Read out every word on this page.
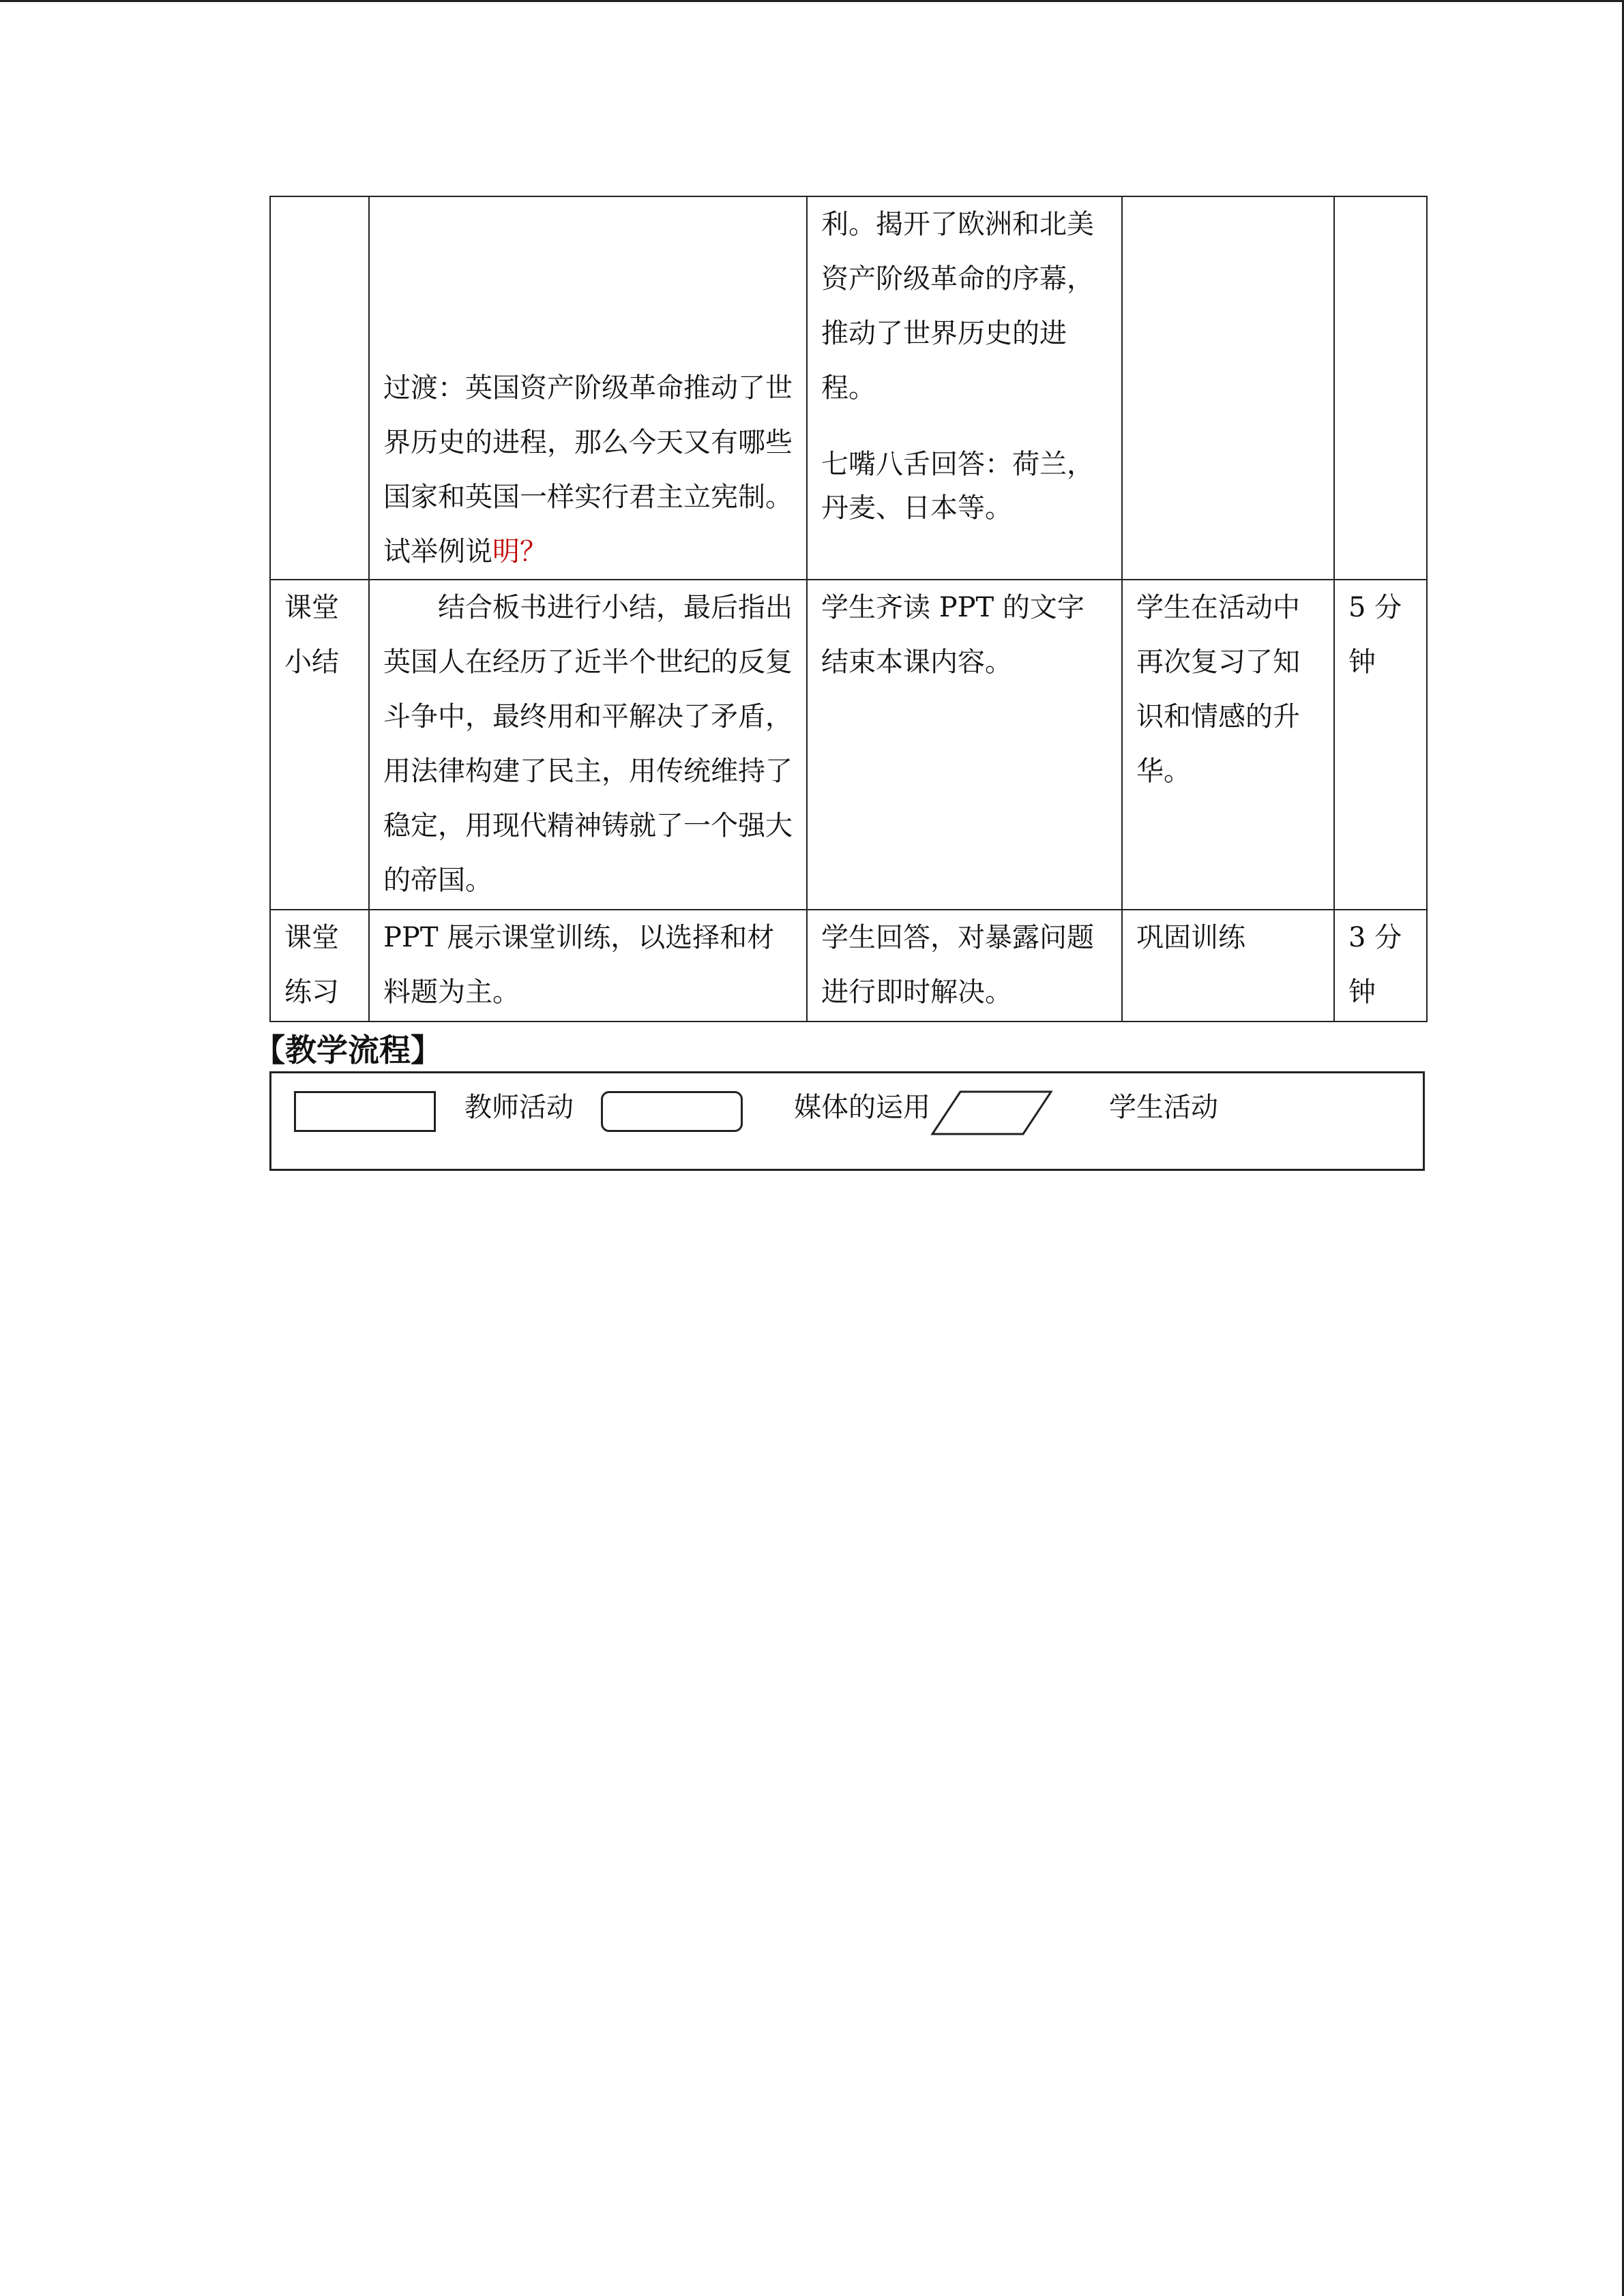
	过渡：英国资产阶级革命推动了世界历史的进程，那么今天又有哪些国家和英国一样实行君主立宪制。试举例说明？	利。揭开了欧洲和北美资产阶级革命的序幕，推动了世界历史的进程。
七嘴八舌回答：荷兰，丹麦、日本等。		

课堂小结	结合板书进行小结，最后指出英国人在经历了近半个世纪的反复斗争中，最终用和平解决了矛盾，用法律构建了民主，用传统维持了稳定，用现代精神铸就了一个强大的帝国。	学生齐读 PPT 的文字结束本课内容。	学生在活动中再次复习了知识和情感的升华。	5 分钟
课堂练习	PPT 展示课堂训练，以选择和材料题为主。	学生回答，对暴露问题进行即时解决。	巩固训练	3 分钟
【教学流程】
教师活动	媒体的运用	学生活动
